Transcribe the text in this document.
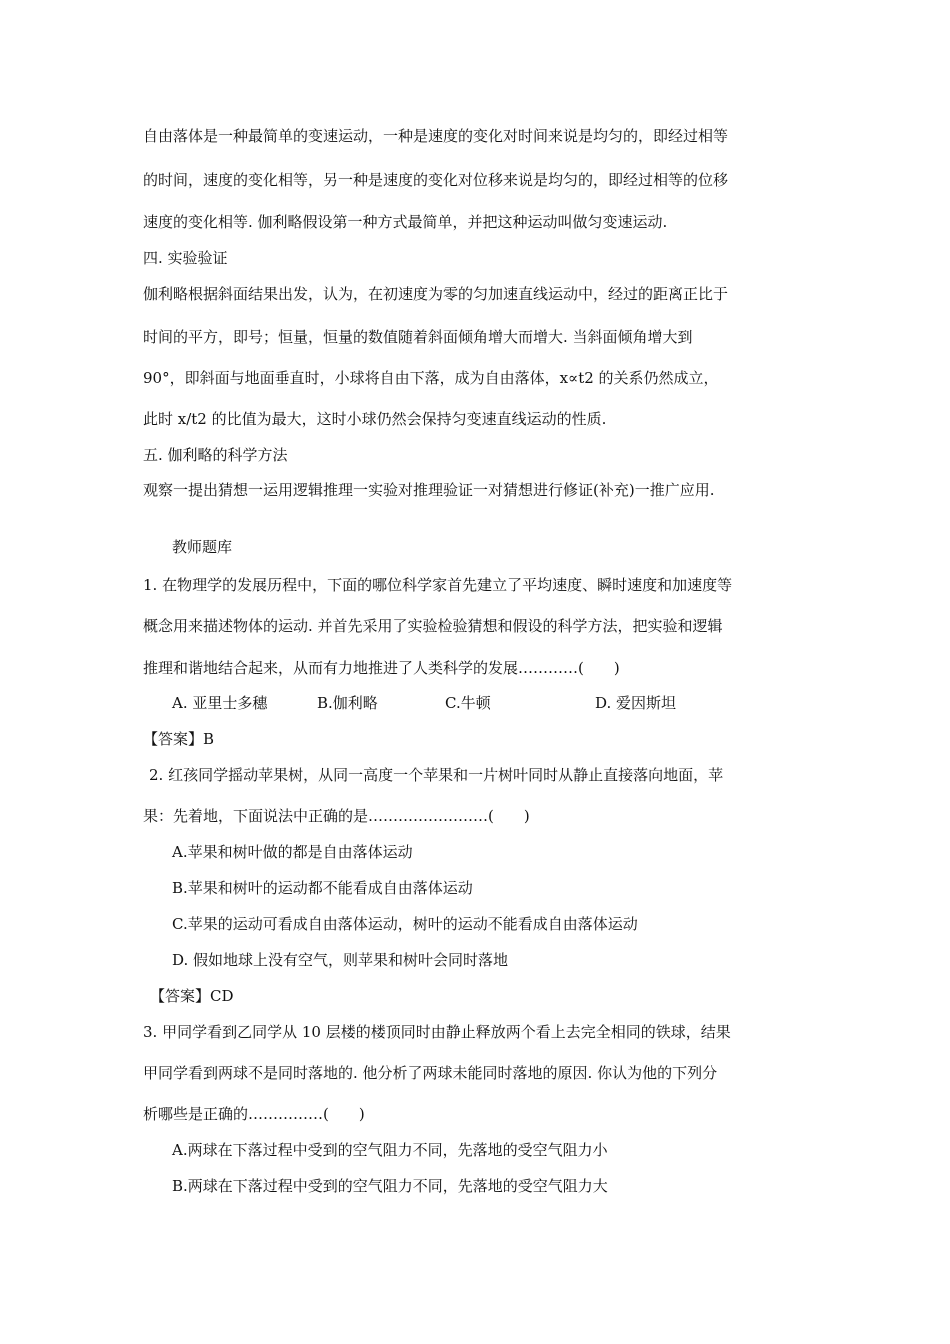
自由落体是一种最简单的变速运动，一种是速度的变化对时间来说是均匀的，即经过相等
的时间，速度的变化相等，另一种是速度的变化对位移来说是均匀的，即经过相等的位移
速度的变化相等. 伽利略假设第一种方式最简单，并把这种运动叫做匀变速运动.
四. 实验验证
伽利略根据斜面结果出发，认为，在初速度为零的匀加速直线运动中，经过的距离正比于
时间的平方，即号；恒量，恒量的数值随着斜面倾角增大而增大. 当斜面倾角增大到
90°，即斜面与地面垂直时，小球将自由下落，成为自由落体，x∝t2 的关系仍然成立，
此时 x/t2 的比值为最大，这时小球仍然会保持匀变速直线运动的性质.
五. 伽利略的科学方法
观察一提出猜想一运用逻辑推理一实验对推理验证一对猜想进行修证(补充)一推广应用.
教师题库
1. 在物理学的发展历程中，下面的哪位科学家首先建立了平均速度、瞬时速度和加速度等
概念用来描述物体的运动. 并首先采用了实验检验猜想和假设的科学方法，把实验和逻辑
推理和谐地结合起来，从而有力地推进了人类科学的发展…………(　　)
A. 亚里士多穗	B.伽利略	C.牛顿	D. 爱因斯坦
【答案】B
2. 红孩同学摇动苹果树，从同一高度一个苹果和一片树叶同时从静止直接落向地面，苹
果：先着地，下面说法中正确的是……………………(　　)
A.苹果和树叶做的都是自由落体运动
B.苹果和树叶的运动都不能看成自由落体运动
C.苹果的运动可看成自由落体运动，树叶的运动不能看成自由落体运动
D. 假如地球上没有空气，则苹果和树叶会同时落地
【答案】CD
3. 甲同学看到乙同学从 10 层楼的楼顶同时由静止释放两个看上去完全相同的铁球，结果
甲同学看到两球不是同时落地的. 他分析了两球未能同时落地的原因. 你认为他的下列分
析哪些是正确的……………(　　)
A.两球在下落过程中受到的空气阻力不同，先落地的受空气阻力小
B.两球在下落过程中受到的空气阻力不同，先落地的受空气阻力大
